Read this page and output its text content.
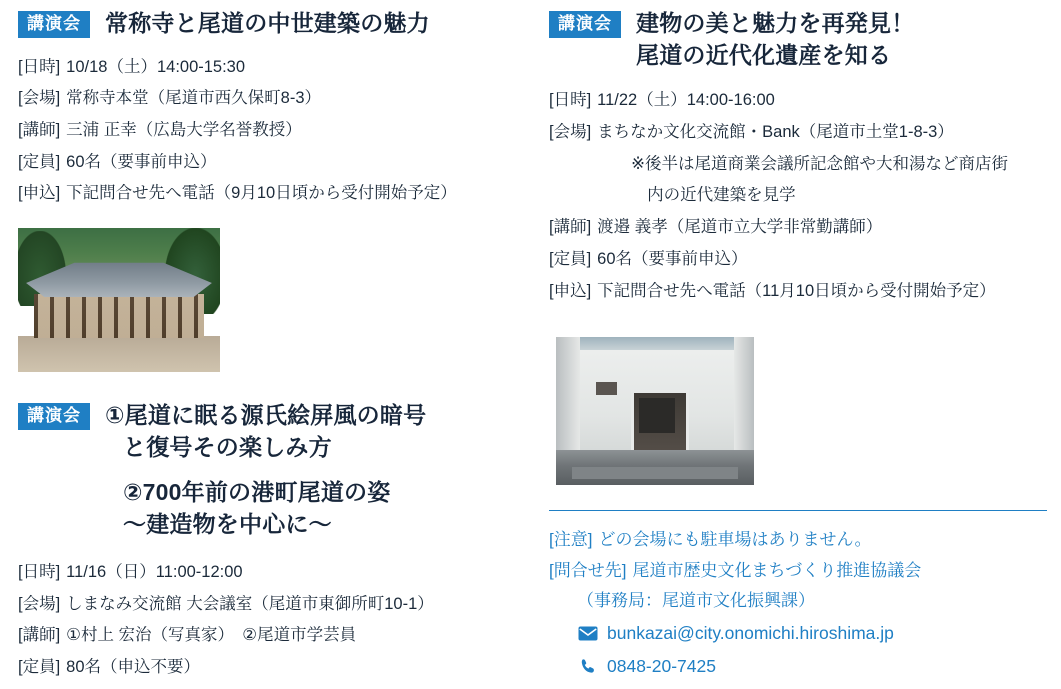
講演会	常称寺と尾道の中世建築の魅力
[日時] 10/18（土）14:00-15:30
[会場] 常称寺本堂（尾道市西久保町8-3）
[講師] 三浦 正幸（広島大学名誉教授）
[定員] 60名（要事前申込）
[申込] 下記問合せ先へ電話（9月10日頃から受付開始予定）
講演会	①尾道に眠る源氏絵屏風の暗号
と復号その楽しみ方
②700年前の港町尾道の姿
〜建造物を中心に〜
[日時] 11/16（日）11:00-12:00
[会場] しまなみ交流館 大会議室（尾道市東御所町10-1）
[講師] ①村上 宏治（写真家）　②尾道市学芸員
[定員] 80名（申込不要）
講演会	建物の美と魅力を再発見！
尾道の近代化遺産を知る
[日時] 11/22（土）14:00-16:00
[会場] まちなか文化交流館・Bank（尾道市土堂1-8-3）
※後半は尾道商業会議所記念館や大和湯など商店街
内の近代建築を見学
[講師] 渡邉 義孝（尾道市立大学非常勤講師）
[定員] 60名（要事前申込）
[申込] 下記問合せ先へ電話（11月10日頃から受付開始予定）
[注意] どの会場にも駐車場はありません。
[問合せ先] 尾道市歴史文化まちづくり推進協議会
（事務局：尾道市文化振興課）
bunkazai@city.onomichi.hiroshima.jp
0848-20-7425
